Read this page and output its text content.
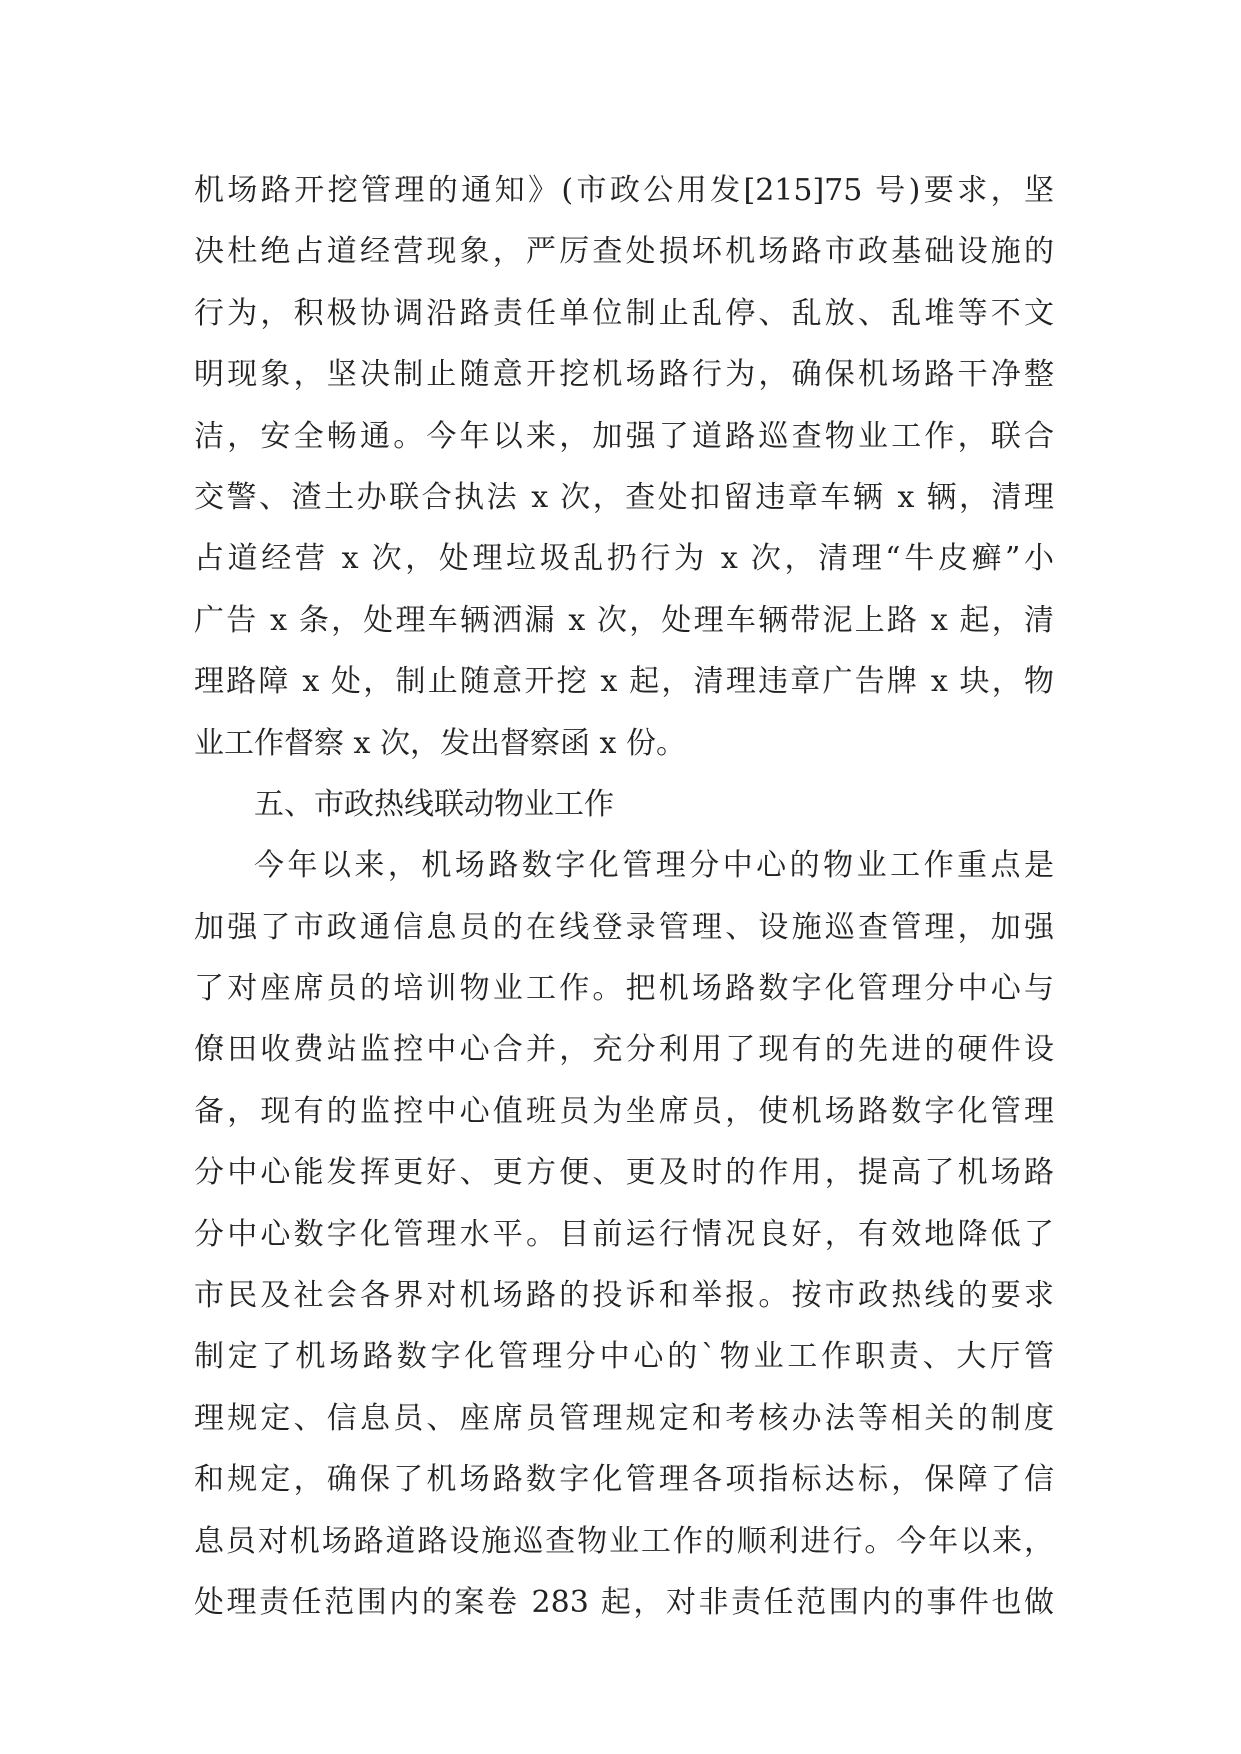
机场路开挖管理的通知》(市政公用发[215]75 号)要求，坚
决杜绝占道经营现象，严厉查处损坏机场路市政基础设施的
行为，积极协调沿路责任单位制止乱停、乱放、乱堆等不文
明现象，坚决制止随意开挖机场路行为，确保机场路干净整
洁，安全畅通。今年以来，加强了道路巡查物业工作，联合
交警、渣土办联合执法 x 次，查处扣留违章车辆 x 辆，清理
占道经营 x 次，处理垃圾乱扔行为 x 次，清理“牛皮癣”小
广告 x 条，处理车辆洒漏 x 次，处理车辆带泥上路 x 起，清
理路障 x 处，制止随意开挖 x 起，清理违章广告牌 x 块，物
业工作督察 x 次，发出督察函 x 份。
五、市政热线联动物业工作
今年以来，机场路数字化管理分中心的物业工作重点是
加强了市政通信息员的在线登录管理、设施巡查管理，加强
了对座席员的培训物业工作。把机场路数字化管理分中心与
僚田收费站监控中心合并，充分利用了现有的先进的硬件设
备，现有的监控中心值班员为坐席员，使机场路数字化管理
分中心能发挥更好、更方便、更及时的作用，提高了机场路
分中心数字化管理水平。目前运行情况良好，有效地降低了
市民及社会各界对机场路的投诉和举报。按市政热线的要求
制定了机场路数字化管理分中心的`物业工作职责、大厅管
理规定、信息员、座席员管理规定和考核办法等相关的制度
和规定，确保了机场路数字化管理各项指标达标，保障了信
息员对机场路道路设施巡查物业工作的顺利进行。今年以来，
处理责任范围内的案卷 283 起，对非责任范围内的事件也做
